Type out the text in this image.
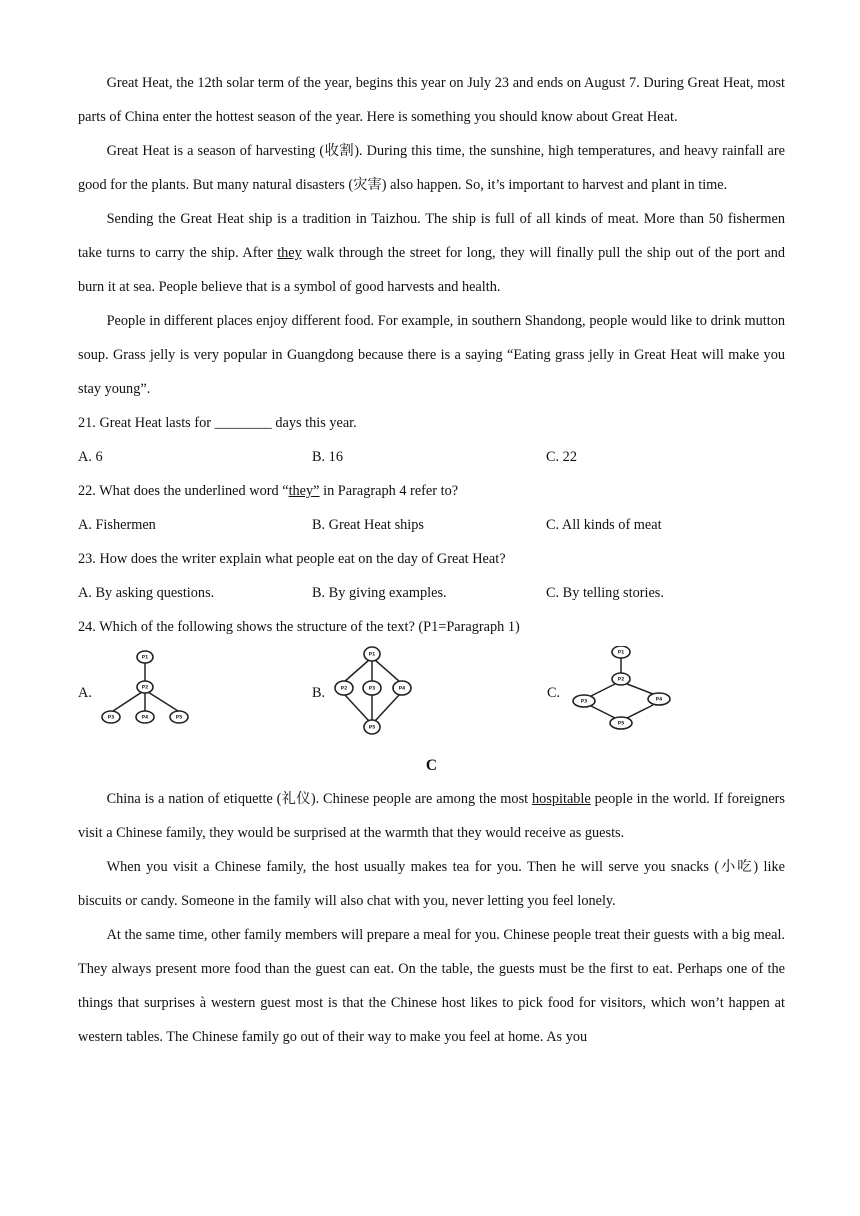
Great Heat, the 12th solar term of the year, begins this year on July 23 and ends on August 7. During Great Heat, most parts of China enter the hottest season of the year. Here is something you should know about Great Heat.

Great Heat is a season of harvesting (收割). During this time, the sunshine, high temperatures, and heavy rainfall are good for the plants. But many natural disasters (灾害) also happen. So, it’s important to harvest and plant in time.

Sending the Great Heat ship is a tradition in Taizhou. The ship is full of all kinds of meat. More than 50 fishermen take turns to carry the ship. After they walk through the street for long, they will finally pull the ship out of the port and burn it at sea. People believe that is a symbol of good harvests and health.

People in different places enjoy different food. For example, in southern Shandong, people would like to drink mutton soup. Grass jelly is very popular in Guangdong because there is a saying “Eating grass jelly in Great Heat will make you stay young”.

21. Great Heat lasts for ________ days this year.

A. 6	B. 16	C. 22

22. What does the underlined word “they” in Paragraph 4 refer to?

A. Fishermen	B. Great Heat ships	C. All kinds of meat

23. How does the writer explain what people eat on the day of Great Heat?

A. By asking questions.	B. By giving examples.	C. By telling stories.

24. Which of the following shows the structure of the text? (P1=Paragraph 1)

A.
P1
P2
P3	P4	P5
B.
P1
P2	P3	P4
P5
C.
P1
P2
P3	P4
P5

C

China is a nation of etiquette (礼仪). Chinese people are among the most hospitable people in the world. If foreigners visit a Chinese family, they would be surprised at the warmth that they would receive as guests.

When you visit a Chinese family, the host usually makes tea for you. Then he will serve you snacks (小吃) like biscuits or candy. Someone in the family will also chat with you, never letting you feel lonely.

At the same time, other family members will prepare a meal for you. Chinese people treat their guests with a big meal. They always present more food than the guest can eat. On the table, the guests must be the first to eat. Perhaps one of the things that surprises à western guest most is that the Chinese host likes to pick food for visitors, which won’t happen at western tables. The Chinese family go out of their way to make you feel at home. As you
